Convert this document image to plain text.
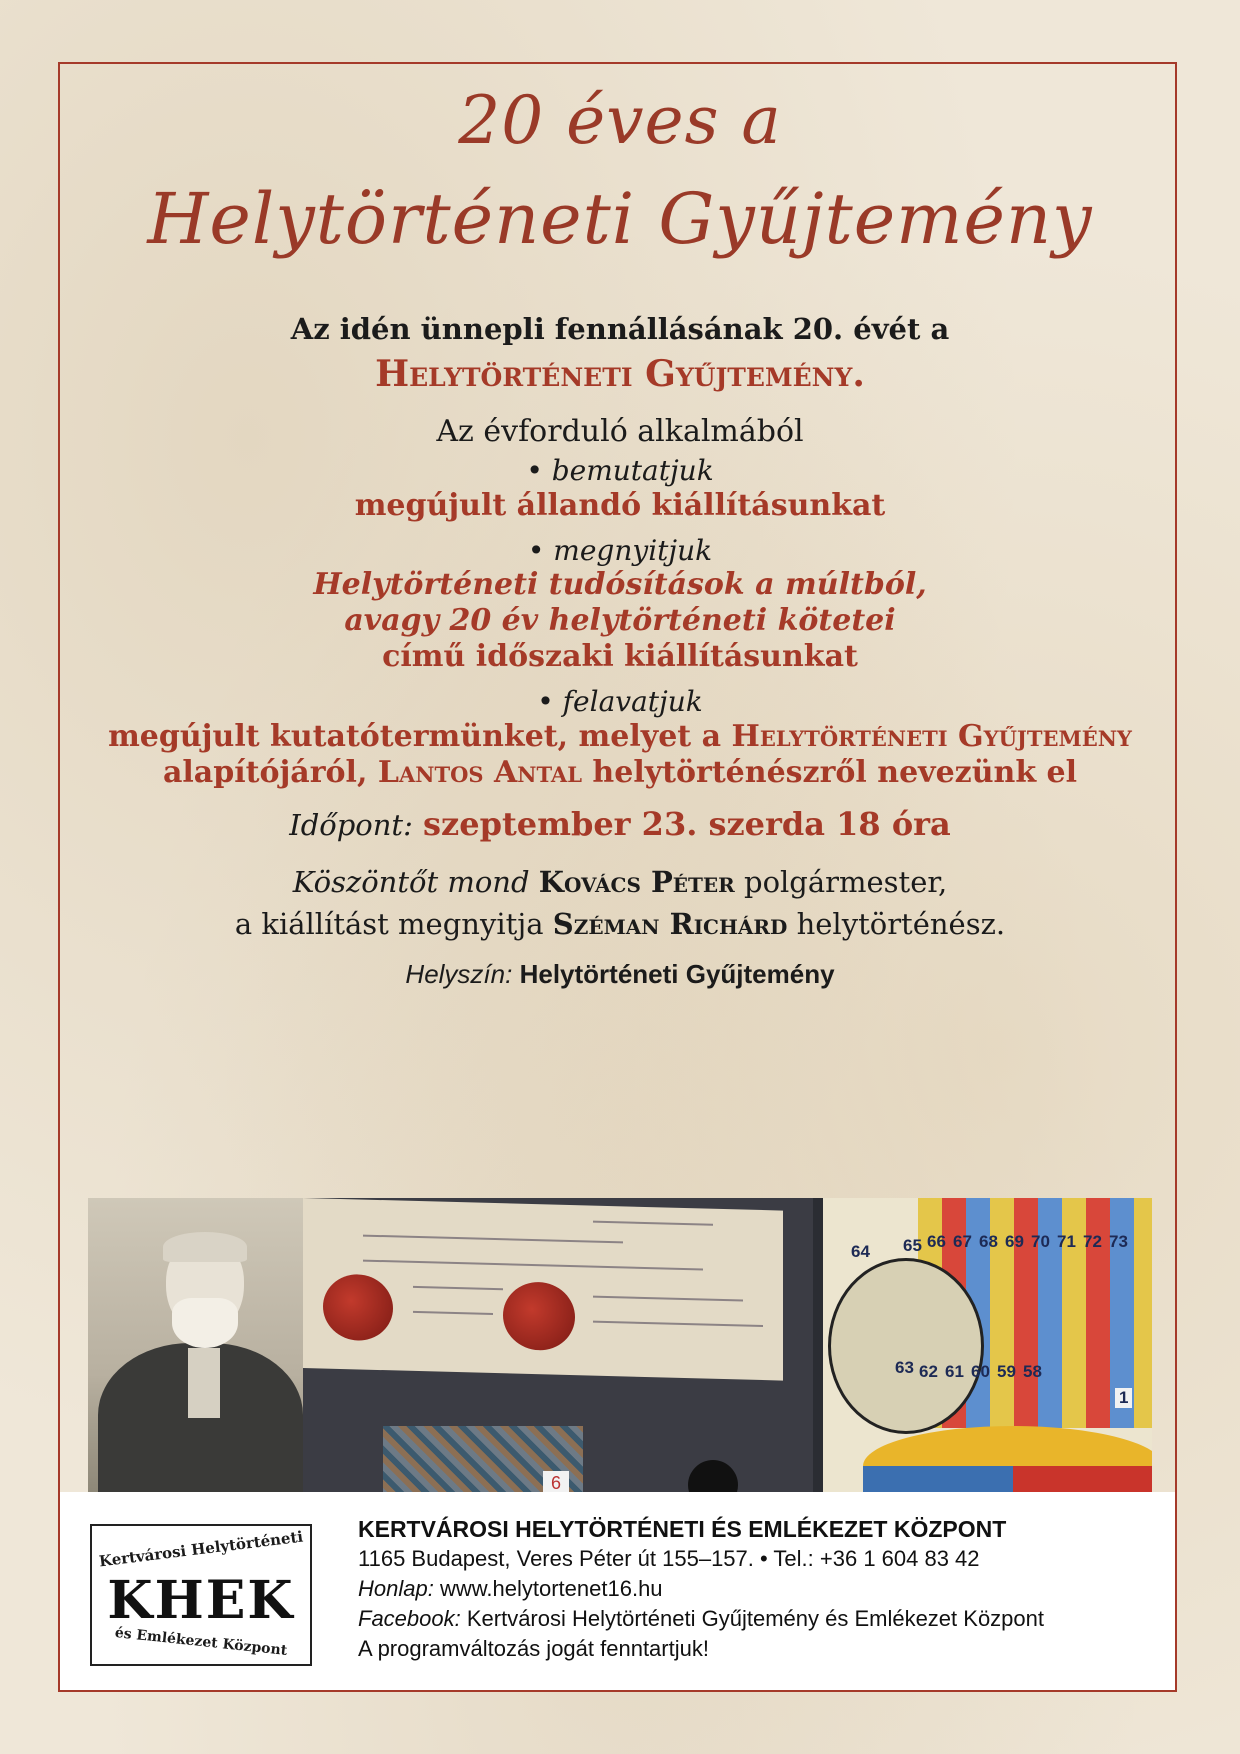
20 éves a
Helytörténeti Gyűjtemény
Az idén ünnepli fennállásának 20. évét a
Helytörténeti Gyűjtemény.
Az évforduló alkalmából
• bemutatjuk
megújult állandó kiállításunkat
• megnyitjuk
Helytörténeti tudósítások a múltból,
avagy 20 év helytörténeti kötetei
című időszaki kiállításunkat
• felavatjuk
megújult kutatótermünket, melyet a Helytörténeti Gyűjtemény
alapítójáról, Lantos Antal helytörténészről nevezünk el
Időpont: szeptember 23. szerda 18 óra
Köszöntőt mond Kovács Péter polgármester,
a kiállítást megnyitja Széman Richárd helytörténész.
Helyszín: Helytörténeti Gyűjtemény
6
64 65 66 67 68 69 70 71 72 73
63 62 61 60 59 58
1
Kertvárosi Helytörténeti
KHEK
és Emlékezet Központ
KERTVÁROSI HELYTÖRTÉNETI ÉS EMLÉKEZET KÖZPONT
1165 Budapest, Veres Péter út 155–157. • Tel.: +36 1 604 83 42
Honlap: www.helytortenet16.hu
Facebook: Kertvárosi Helytörténeti Gyűjtemény és Emlékezet Központ
A programváltozás jogát fenntartjuk!
